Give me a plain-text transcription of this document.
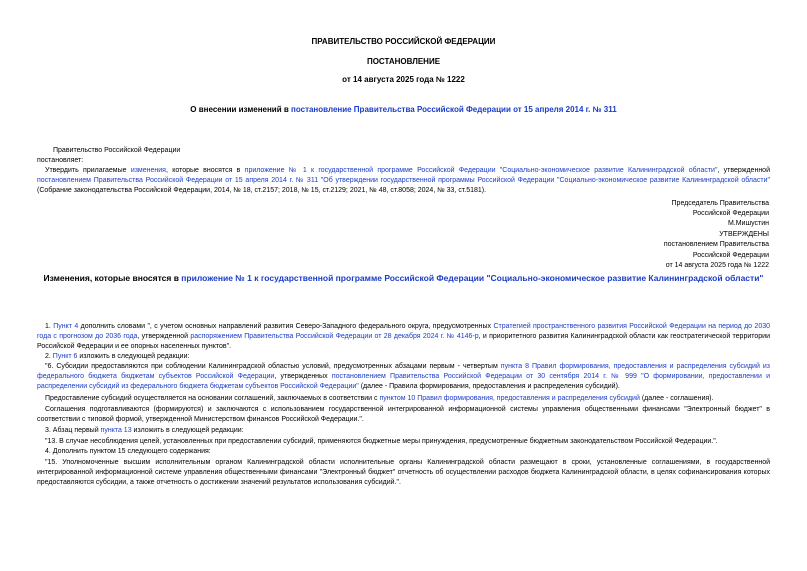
ПРАВИТЕЛЬСТВО РОССИЙСКОЙ ФЕДЕРАЦИИ
ПОСТАНОВЛЕНИЕ
от 14 августа 2025 года № 1222
О внесении изменений в постановление Правительства Российской Федерации от 15 апреля 2014 г. № 311
Правительство Российской Федерации
постановляет:
Утвердить прилагаемые изменения, которые вносятся в приложение № 1 к государственной программе Российской Федерации "Социально-экономическое развитие Калининградской области", утвержденной постановлением Правительства Российской Федерации от 15 апреля 2014 г. № 311 "Об утверждении государственной программы Российской Федерации "Социально-экономическое развитие Калининградской области" (Собрание законодательства Российской Федерации, 2014, № 18, ст.2157; 2018, № 15, ст.2129; 2021, № 48, ст.8058; 2024, № 33, ст.5181).
Председатель Правительства
Российской Федерации
М.Мишустин
УТВЕРЖДЕНЫ
постановлением Правительства
Российской Федерации
от 14 августа 2025 года № 1222
Изменения, которые вносятся в приложение № 1 к государственной программе Российской Федерации "Социально-экономическое развитие Калининградской области"
1. Пункт 4 дополнить словами ", с учетом основных направлений развития Северо-Западного федерального округа, предусмотренных Стратегией пространственного развития Российской Федерации на период до 2030 года с прогнозом до 2036 года, утвержденной распоряжением Правительства Российской Федерации от 28 декабря 2024 г. № 4146-р, и приоритетного развития Калининградской области как геостратегической территории Российской Федерации и ее опорных населенных пунктов".
2. Пункт 6 изложить в следующей редакции:
"6. Субсидии предоставляются при соблюдении Калининградской областью условий, предусмотренных абзацами первым - четвертым пункта 8 Правил формирования, предоставления и распределения субсидий из федерального бюджета бюджетам субъектов Российской Федерации, утвержденных постановлением Правительства Российской Федерации от 30 сентября 2014 г. № 999 "О формировании, предоставлении и распределении субсидий из федерального бюджета бюджетам субъектов Российской Федерации" (далее - Правила формирования, предоставления и распределения субсидий).
Предоставление субсидий осуществляется на основании соглашений, заключаемых в соответствии с пунктом 10 Правил формирования, предоставления и распределения субсидий (далее - соглашения).
Соглашения подготавливаются (формируются) и заключаются с использованием государственной интегрированной информационной системы управления общественными финансами "Электронный бюджет" в соответствии с типовой формой, утвержденной Министерством финансов Российской Федерации.".
3. Абзац первый пункта 13 изложить в следующей редакции:
"13. В случае несоблюдения целей, установленных при предоставлении субсидий, применяются бюджетные меры принуждения, предусмотренные бюджетным законодательством Российской Федерации.".
4. Дополнить пунктом 15 следующего содержания:
"15. Уполномоченные высшим исполнительным органом Калининградской области исполнительные органы Калининградской области размещают в сроки, установленные соглашениями, в государственной интегрированной информационной системе управления общественными финансами "Электронный бюджет" отчетность об осуществлении расходов бюджета Калининградской области, в целях софинансирования которых предоставляются субсидии, а также отчетность о достижении значений результатов использования субсидий.".
